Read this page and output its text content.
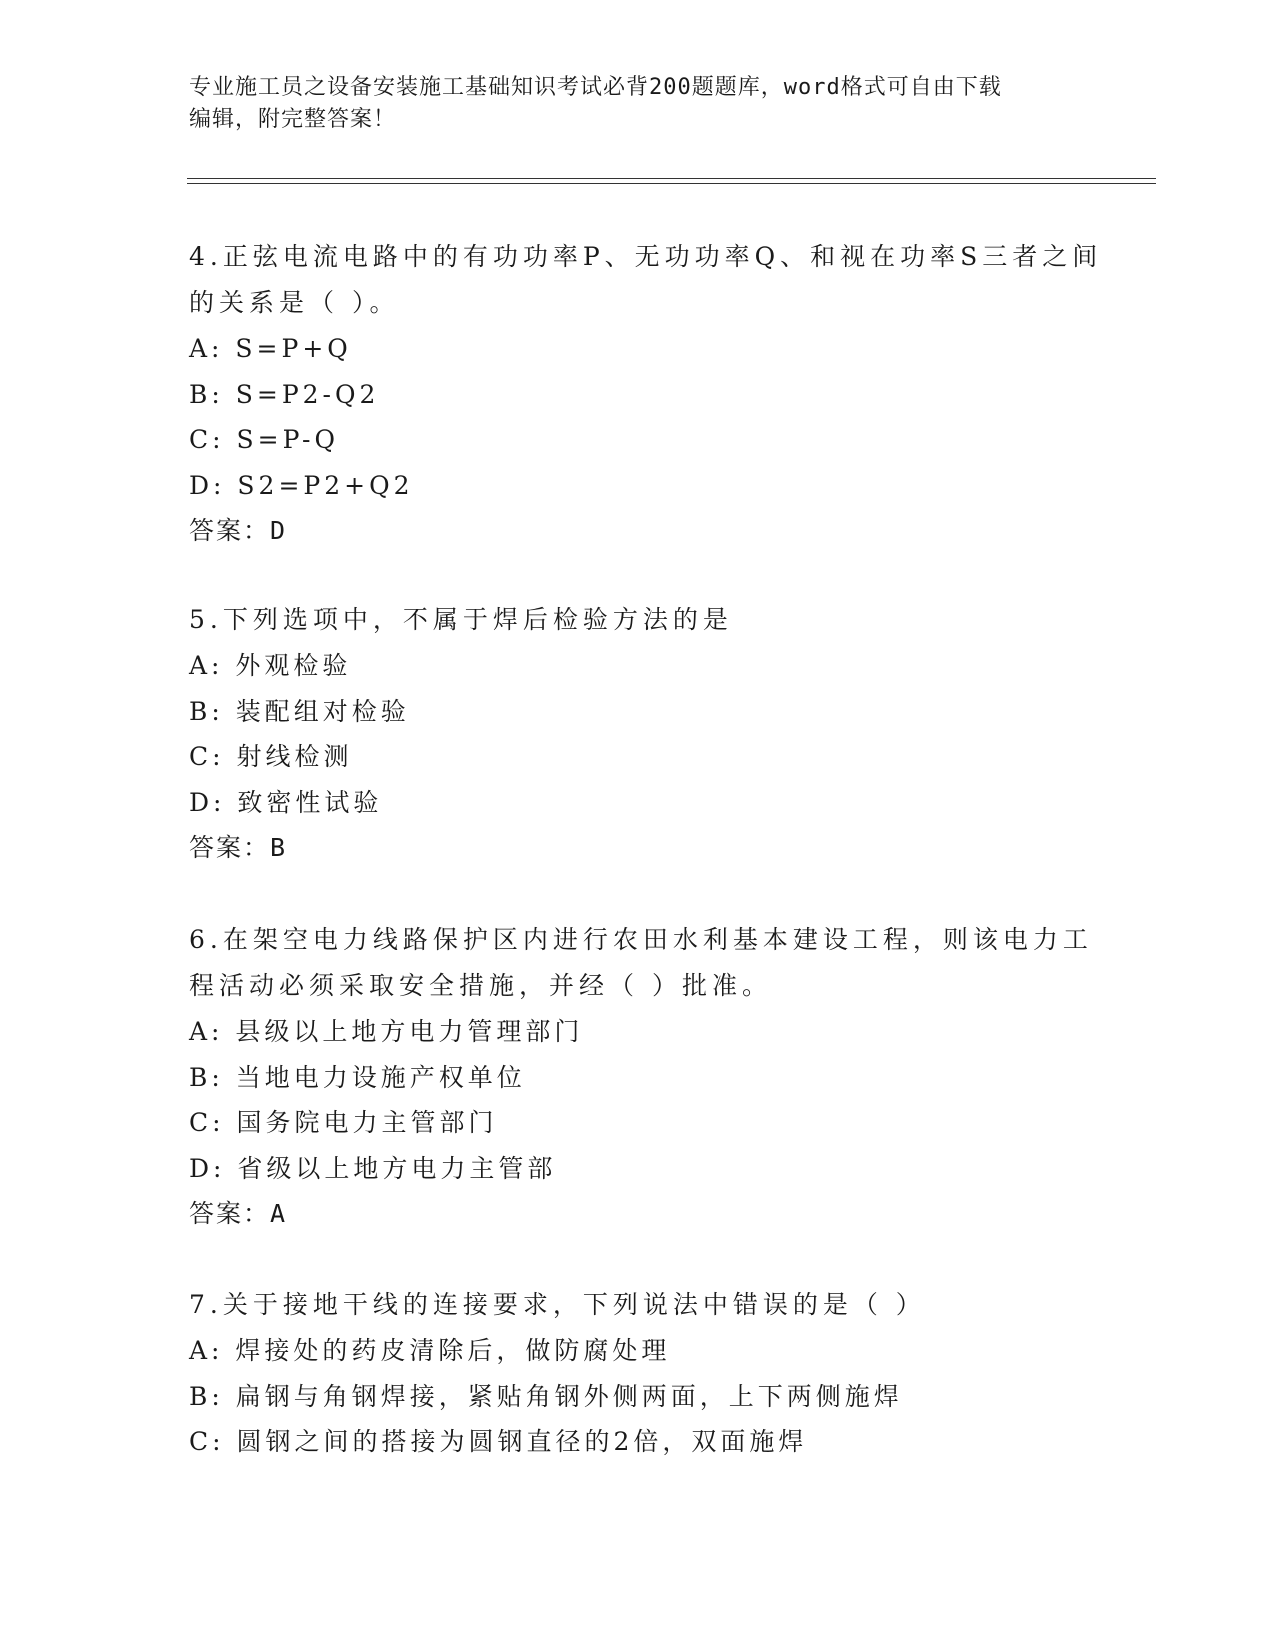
专业施工员之设备安装施工基础知识考试必背200题题库，word格式可自由下载
编辑，附完整答案！
4.正弦电流电路中的有功功率P、无功功率Q、和视在功率S三者之间
的关系是（ ）。
A: S=P+Q
B: S=P2-Q2
C: S=P-Q
D: S2=P2+Q2
答案：D
5.下列选项中，不属于焊后检验方法的是
A: 外观检验
B: 装配组对检验
C: 射线检测
D: 致密性试验
答案：B
6.在架空电力线路保护区内进行农田水利基本建设工程，则该电力工
程活动必须采取安全措施，并经（ ）批准。
A: 县级以上地方电力管理部门
B: 当地电力设施产权单位
C: 国务院电力主管部门
D: 省级以上地方电力主管部
答案：A
7.关于接地干线的连接要求，下列说法中错误的是（ ）
A: 焊接处的药皮清除后，做防腐处理
B: 扁钢与角钢焊接，紧贴角钢外侧两面，上下两侧施焊
C: 圆钢之间的搭接为圆钢直径的2倍，双面施焊
